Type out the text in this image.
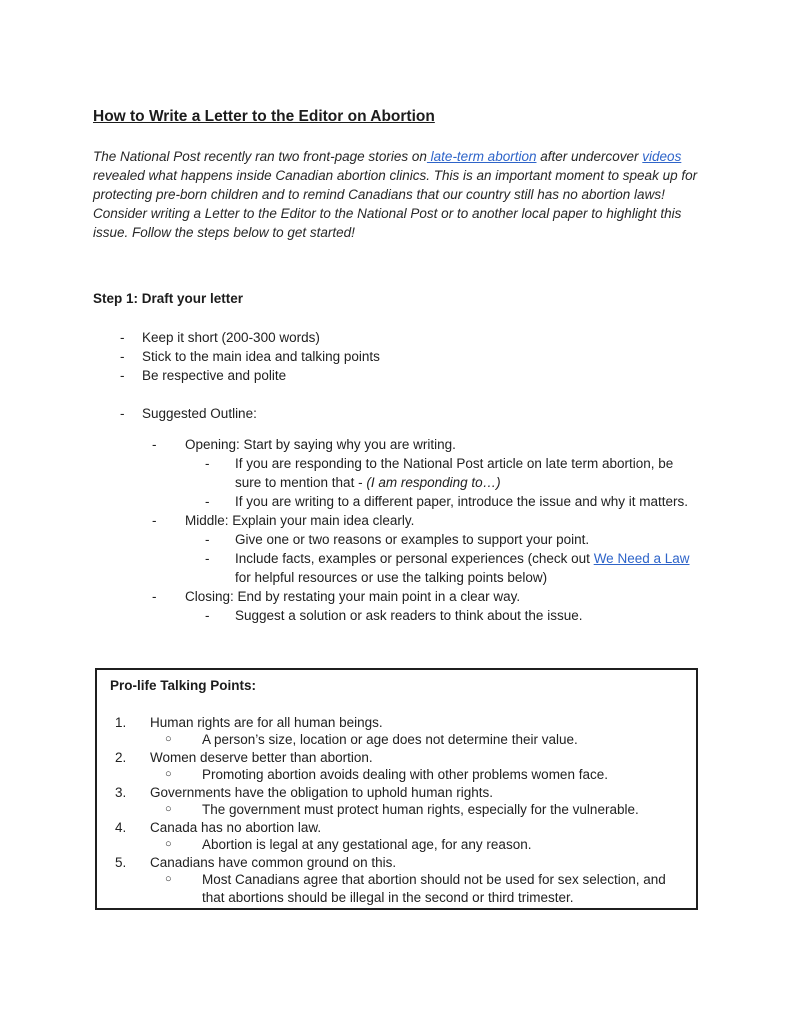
How to Write a Letter to the Editor on Abortion

The National Post recently ran two front-page stories on late-term abortion after undercover videos revealed what happens inside Canadian abortion clinics. This is an important moment to speak up for protecting pre-born children and to remind Canadians that our country still has no abortion laws! Consider writing a Letter to the Editor to the National Post or to another local paper to highlight this issue. Follow the steps below to get started!

Step 1: Draft your letter
-	Keep it short (200-300 words)
-	Stick to the main idea and talking points
-	Be respective and polite
-	Suggested Outline:
-	Opening: Start by saying why you are writing.
-	If you are responding to the National Post article on late term abortion, be sure to mention that - (I am responding to…)
-	If you are writing to a different paper, introduce the issue and why it matters.
-	Middle: Explain your main idea clearly.
-	Give one or two reasons or examples to support your point.
-	Include facts, examples or personal experiences (check out We Need a Law for helpful resources or use the talking points below)
-	Closing: End by restating your main point in a clear way.
-	Suggest a solution or ask readers to think about the issue.
Pro-life Talking Points:
1.	Human rights are for all human beings.
○	A person’s size, location or age does not determine their value.
2.	Women deserve better than abortion.
○	Promoting abortion avoids dealing with other problems women face.
3.	Governments have the obligation to uphold human rights.
○	The government must protect human rights, especially for the vulnerable.
4.	Canada has no abortion law.
○	Abortion is legal at any gestational age, for any reason.
5.	Canadians have common ground on this.
○	Most Canadians agree that abortion should not be used for sex selection, and that abortions should be illegal in the second or third trimester.
